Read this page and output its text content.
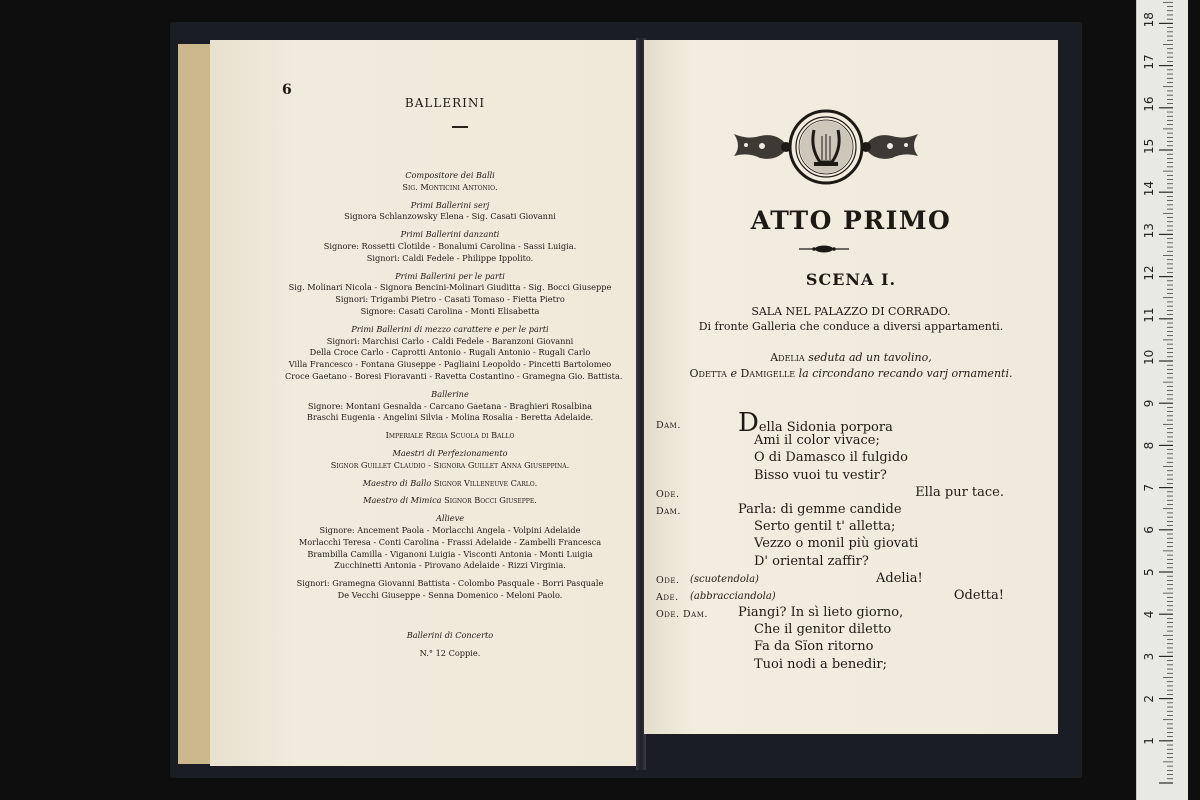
6
BALLERINI

Compositore dei Balli

Sig. Monticini Antonio.

Primi Ballerini serj

Signora Schlanzowsky Elena - Sig. Casati Giovanni

Primi Ballerini danzanti

Signore: Rossetti Clotilde - Bonalumi Carolina - Sassi Luigia.

Signori: Caldi Fedele - Philippe Ippolito.

Primi Ballerini per le parti

Sig. Molinari Nicola - Signora Bencini-Molinari Giuditta - Sig. Bocci Giuseppe

Signori: Trigambi Pietro - Casati Tomaso - Fietta Pietro

Signore: Casati Carolina - Monti Elisabetta

Primi Ballerini di mezzo carattere e per le parti

Signori: Marchisi Carlo - Caldi Fedele - Baranzoni Giovanni

Della Croce Carlo - Caprotti Antonio - Rugali Antonio - Rugali Carlo

Villa Francesco - Fontana Giuseppe - Pagliaini Leopoldo - Pincetti Bartolomeo

Croce Gaetano - Boresi Fioravanti - Ravetta Costantino - Gramegna Gio. Battista.

Ballerine

Signore: Montani Gesnalda - Carcano Gaetana - Braghieri Rosalbina

Braschi Eugenia - Angelini Silvia - Molina Rosalia - Beretta Adelaide.

Imperiale Regia Scuola di Ballo

Maestri di Perfezionamento

Signor Guillet Claudio - Signora Guillet Anna Giuseppina.

Maestro di Ballo Signor Villeneuve Carlo.

Maestro di Mimica Signor Bocci Giuseppe.

Allieve

Signore: Ancement Paola - Morlacchi Angela - Volpini Adelaide

Morlacchi Teresa - Conti Carolina - Frassi Adelaide - Zambelli Francesca

Brambilla Camilla - Viganoni Luigia - Visconti Antonia - Monti Luigia

Zucchinetti Antonia - Pirovano Adelaide - Rizzi Virginia.

Signori: Gramegna Giovanni Battista - Colombo Pasquale - Borri Pasquale

De Vecchi Giuseppe - Senna Domenico - Meloni Paolo.

Ballerini di Concerto

N.° 12 Coppie.

ATTO PRIMO
SCENA I.

SALA NEL PALAZZO DI CORRADO.

Di fronte Galleria che conduce a diversi appartamenti.

Adelia seduta ad un tavolino,

Odetta e Damigelle la circondano recando varj ornamenti.

Dam.	Della Sidonia porpora
Ami il color vivace;
O di Damasco il fulgido
Bisso vuoi tu vestir?
Ode.	Ella pur tace.
Dam.	Parla: di gemme candide
Serto gentil t' alletta;
Vezzo o monil più giovati
D' oriental zaffir?
Ode. (scuotendola)	Adelia!
Ade. (abbracciandola)	Odetta!
Ode. Dam. Piangi? In sì lieto giorno,
Che il genitor diletto
Fa da Sïon ritorno
Tuoi nodi a benedir;
1
2
3
4
5
6
7
8
9
10
11
12
13
14
15
16
17
18
